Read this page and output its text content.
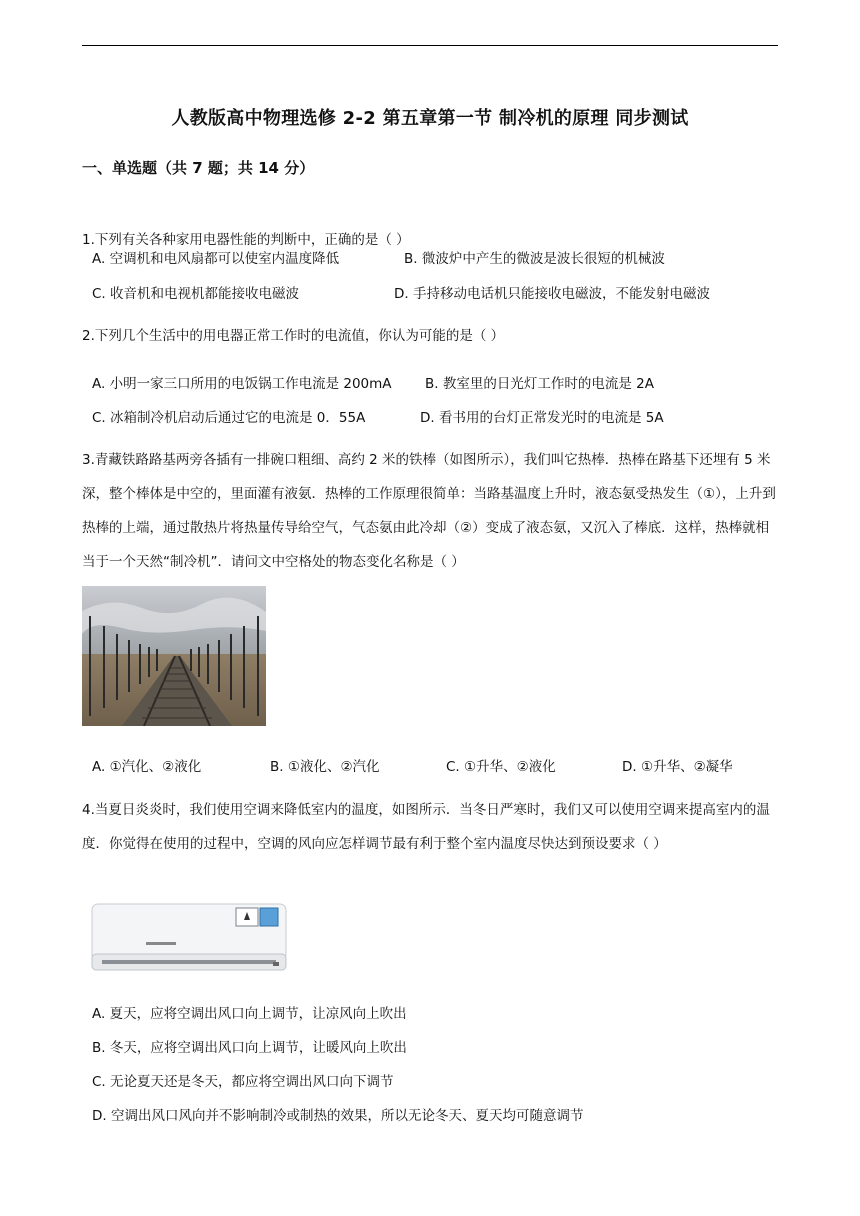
人教版高中物理选修 2-2 第五章第一节 制冷机的原理 同步测试
一、单选题（共 7 题；共 14 分）
1.下列有关各种家用电器性能的判断中，正确的是（ ）
A. 空调机和电风扇都可以使室内温度降低	B. 微波炉中产生的微波是波长很短的机械波
C. 收音机和电视机都能接收电磁波	D. 手持移动电话机只能接收电磁波，不能发射电磁波
2.下列几个生活中的用电器正常工作时的电流值，你认为可能的是（ ）
A. 小明一家三口所用的电饭锅工作电流是 200mA B. 教室里的日光灯工作时的电流是 2A
C. 冰箱制冷机启动后通过它的电流是 0．55A	D. 看书用的台灯正常发光时的电流是 5A
3.青藏铁路路基两旁各插有一排碗口粗细、高约 2 米的铁棒（如图所示），我们叫它热棒．热棒在路基下还埋有 5 米深，整个棒体是中空的，里面灌有液氨．热棒的工作原理很简单：当路基温度上升时，液态氨受热发生（①），上升到热棒的上端，通过散热片将热量传导给空气，气态氨由此冷却（②）变成了液态氨，又沉入了棒底．这样，热棒就相当于一个天然“制冷机”．请问文中空格处的物态变化名称是（ ）
A. ①汽化、②液化	B. ①液化、②汽化	C. ①升华、②液化	D. ①升华、②凝华
4.当夏日炎炎时，我们使用空调来降低室内的温度，如图所示．当冬日严寒时，我们又可以使用空调来提高室内的温度．你觉得在使用的过程中，空调的风向应怎样调节最有利于整个室内温度尽快达到预设要求（ ）
A. 夏天，应将空调出风口向上调节，让凉风向上吹出
B. 冬天，应将空调出风口向上调节，让暖风向上吹出
C. 无论夏天还是冬天，都应将空调出风口向下调节
D. 空调出风口风向并不影响制冷或制热的效果，所以无论冬天、夏天均可随意调节
